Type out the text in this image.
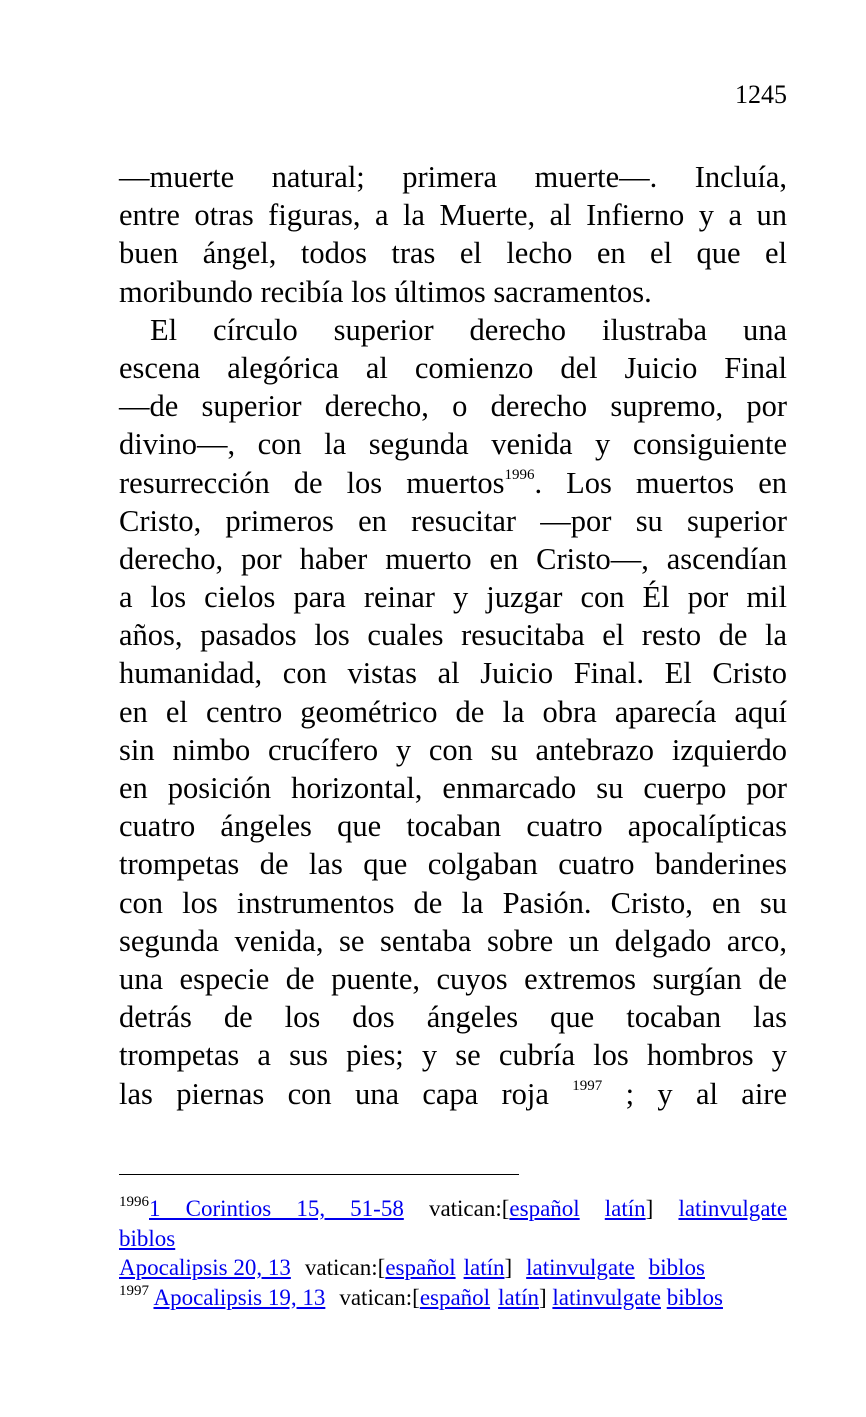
1245
—muerte natural; primera muerte—. Incluía,
entre otras figuras, a la Muerte, al Infierno y a un
buen ángel, todos tras el lecho en el que el
moribundo recibía los últimos sacramentos.
El círculo superior derecho ilustraba una
escena alegórica al comienzo del Juicio Final
—de superior derecho, o derecho supremo, por
divino—, con la segunda venida y consiguiente
resurrección de los muertos$^{1996}$. Los muertos en
Cristo, primeros en resucitar —por su superior
derecho, por haber muerto en Cristo—, ascendían
a los cielos para reinar y juzgar con Él por mil
años, pasados los cuales resucitaba el resto de la
humanidad, con vistas al Juicio Final. El Cristo
en el centro geométrico de la obra aparecía aquí
sin nimbo crucífero y con su antebrazo izquierdo
en posición horizontal, enmarcado su cuerpo por
cuatro ángeles que tocaban cuatro apocalípticas
trompetas de las que colgaban cuatro banderines
con los instrumentos de la Pasión. Cristo, en su
segunda venida, se sentaba sobre un delgado arco,
una especie de puente, cuyos extremos surgían de
detrás de los dos ángeles que tocaban las
trompetas a sus pies; y se cubría los hombros y
las piernas con una capa roja $^{1997}$ ; y al aire
$^{1996}$1 Corintios 15, 51-58 vatican:[español latín] latinvulgate
biblos
Apocalipsis 20, 13 vatican:[español latín] latinvulgate biblos
$^{1997}$ Apocalipsis 19, 13 vatican:[español latín] latinvulgate biblos
